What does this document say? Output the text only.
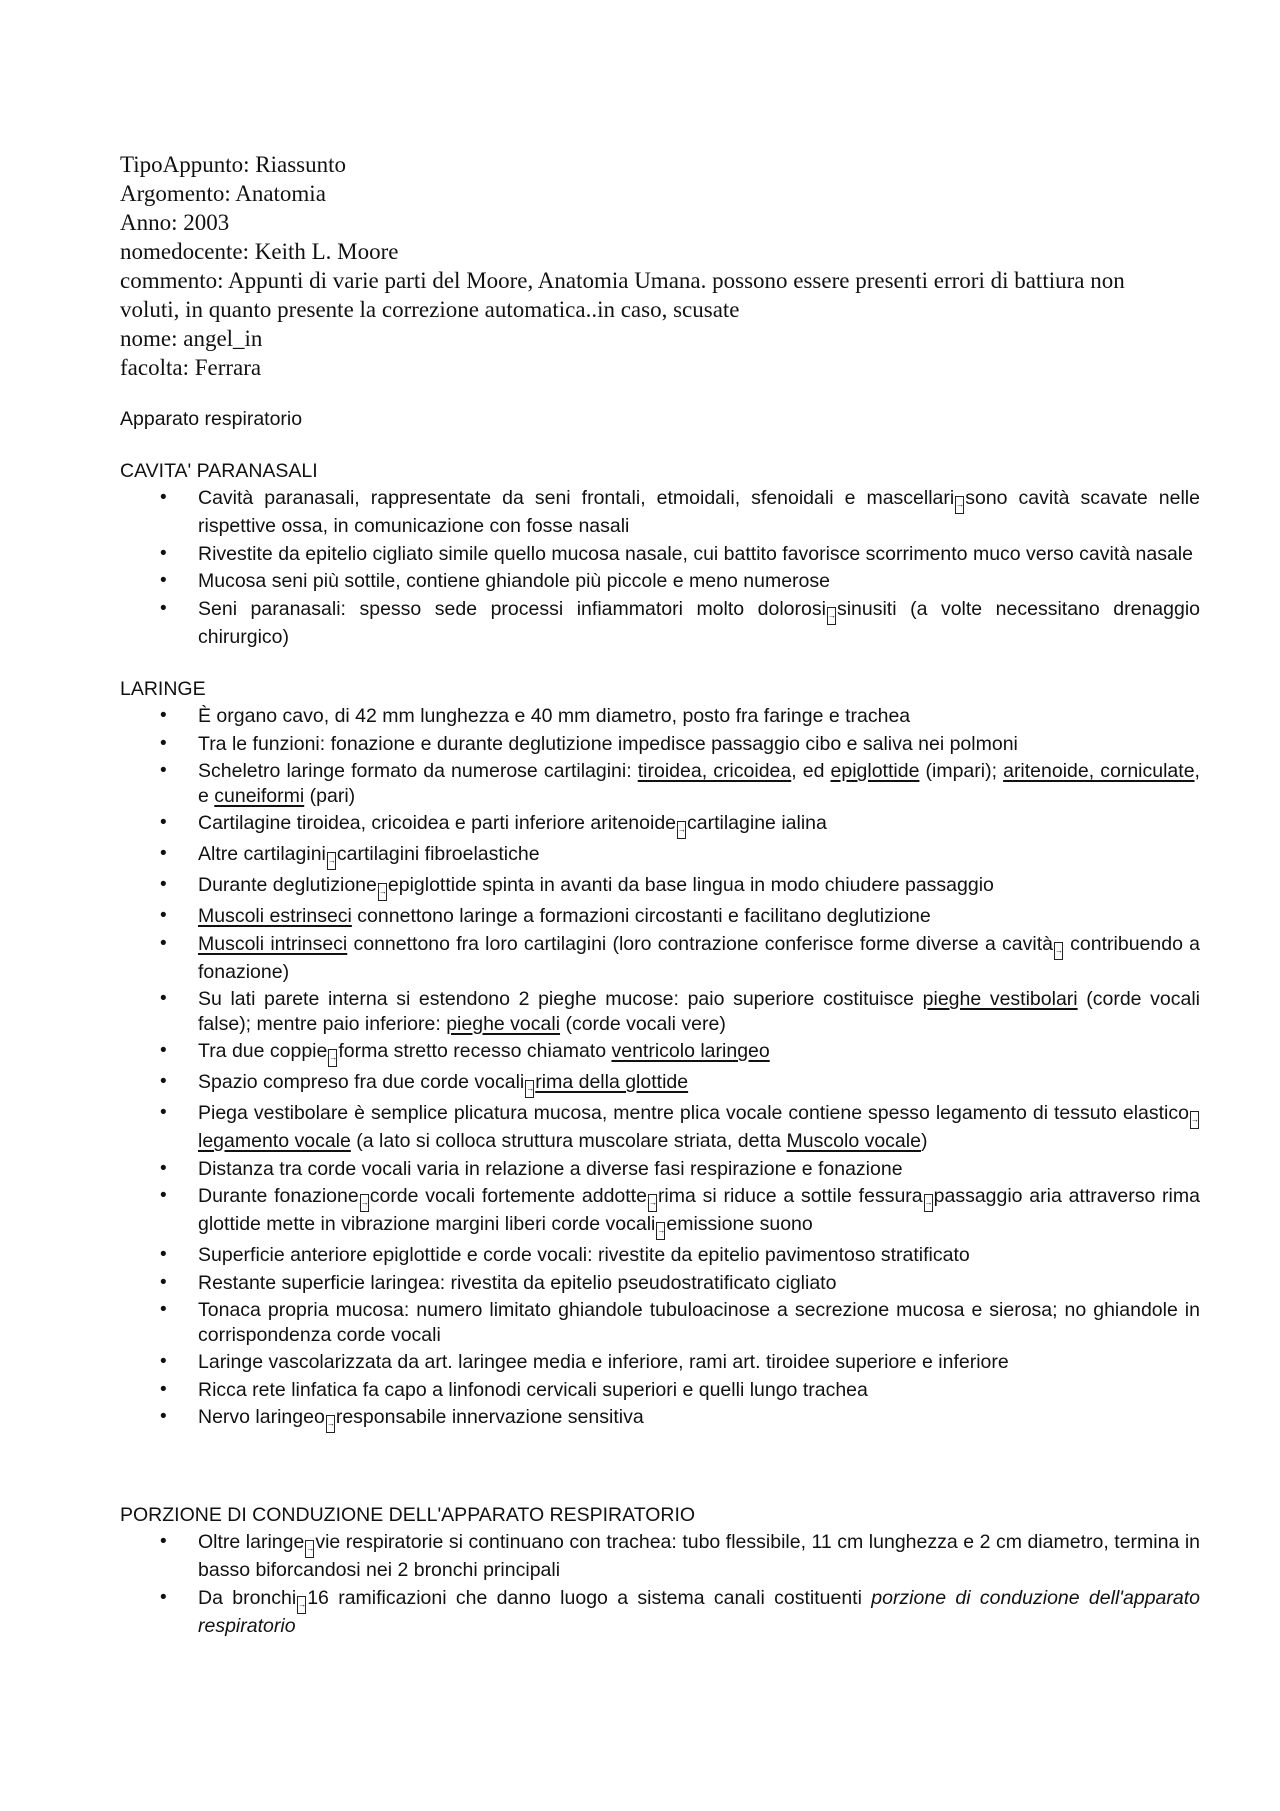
TipoAppunto: Riassunto
Argomento: Anatomia
Anno: 2003
nomedocente: Keith L. Moore
commento: Appunti di varie parti del Moore, Anatomia Umana. possono essere presenti errori di battiura non voluti, in quanto presente la correzione automatica..in caso, scusate
nome: angel_in
facolta: Ferrara
Apparato respiratorio
CAVITA' PARANASALI
• Cavità paranasali, rappresentate da seni frontali, etmoidali, sfenoidali e mascellari →sono cavità scavate nelle rispettive ossa, in comunicazione con fosse nasali
• Rivestite da epitelio cigliato simile quello mucosa nasale, cui battito favorisce scorrimento muco verso cavità nasale
• Mucosa seni più sottile, contiene ghiandole più piccole e meno numerose
• Seni paranasali: spesso sede processi infiammatori molto dolorosi →sinusiti (a volte necessitano drenaggio chirurgico)
LARINGE
• È organo cavo, di 42 mm lunghezza e 40 mm diametro, posto fra faringe e trachea
• Tra le funzioni: fonazione e durante deglutizione impedisce passaggio cibo e saliva nei polmoni
• Scheletro laringe formato da numerose cartilagini: tiroidea, cricoidea, ed epiglottide (impari); aritenoide, corniculate, e cuneiformi (pari)
• Cartilagine tiroidea, cricoidea e parti inferiore aritenoide →cartilagine ialina
• Altre cartilagini →cartilagini fibroelastiche
• Durante deglutizione →epiglottide spinta in avanti da base lingua in modo chiudere passaggio
• Muscoli estrinseci connettono laringe a formazioni circostanti e facilitano deglutizione
• Muscoli intrinseci connettono fra loro cartilagini (loro contrazione conferisce forme diverse a cavità → contribuendo a fonazione)
• Su lati parete interna si estendono 2 pieghe mucose: paio superiore costituisce pieghe vestibolari (corde vocali false); mentre paio inferiore: pieghe vocali (corde vocali vere)
• Tra due coppie →forma stretto recesso chiamato ventricolo laringeo
• Spazio compreso fra due corde vocali →rima della glottide
• Piega vestibolare è semplice plicatura mucosa, mentre plica vocale contiene spesso legamento di tessuto elastico →legamento vocale (a lato si colloca struttura muscolare striata, detta Muscolo vocale)
• Distanza tra corde vocali varia in relazione a diverse fasi respirazione e fonazione
• Durante fonazione →corde vocali fortemente addotte →rima si riduce a sottile fessura →passaggio aria attraverso rima glottide mette in vibrazione margini liberi corde vocali →emissione suono
• Superficie anteriore epiglottide e corde vocali: rivestite da epitelio pavimentoso stratificato
• Restante superficie laringea: rivestita da epitelio pseudostratificato cigliato
• Tonaca propria mucosa: numero limitato ghiandole tubuloacinose a secrezione mucosa e sierosa; no ghiandole in corrispondenza corde vocali
• Laringe vascolarizzata da art. laringee media e inferiore, rami art. tiroidee superiore e inferiore
• Ricca rete linfatica fa capo a linfonodi cervicali superiori e quelli lungo trachea
• Nervo laringeo →responsabile innervazione sensitiva
PORZIONE DI CONDUZIONE DELL'APPARATO RESPIRATORIO
• Oltre laringe →vie respiratorie si continuano con trachea: tubo flessibile, 11 cm lunghezza e 2 cm diametro, termina in basso biforcandosi nei 2 bronchi principali
• Da bronchi →16 ramificazioni che danno luogo a sistema canali costituenti porzione di conduzione dell'apparato respiratorio
